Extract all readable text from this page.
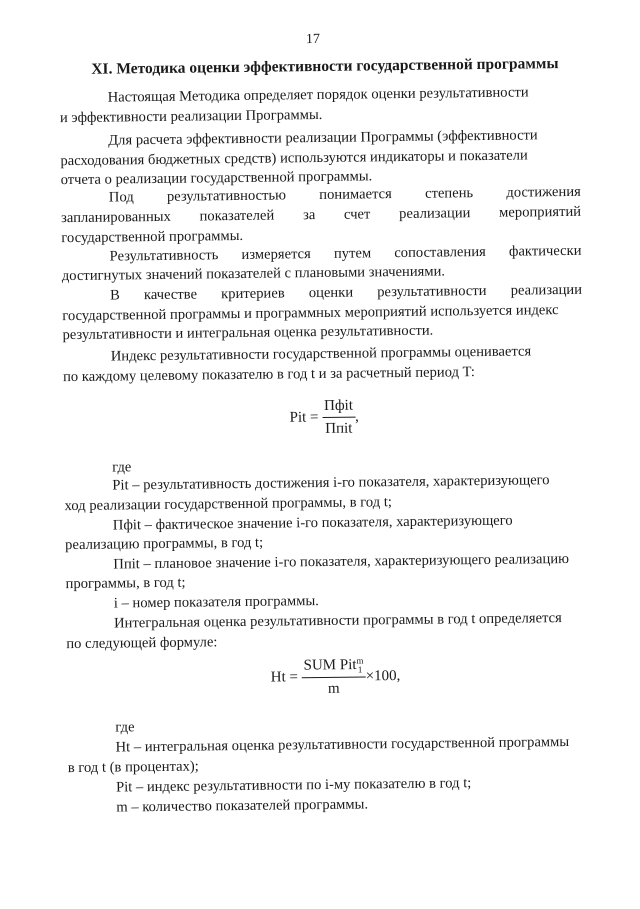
17
XI. Методика оценки эффективности государственной программы
Настоящая Методика определяет порядок оценки результативности
и эффективности реализации Программы.
Для расчета эффективности реализации Программы (эффективности
расходования бюджетных средств) используются индикаторы и показатели
отчета о реализации государственной программы.
Под результативностью понимается степень достижения
запланированных показателей за счет реализации мероприятий
государственной программы.
Результативность измеряется путем сопоставления фактически
достигнутых значений показателей с плановыми значениями.
В качестве критериев оценки результативности реализации
государственной программы и программных мероприятий используется индекс
результативности и интегральная оценка результативности.
Индекс результативности государственной программы оценивается
по каждому целевому показателю в год t и за расчетный период T:
Pit = $\frac{\text{Пфit}}{\text{Ппit}}$ ,
где
Pit – результативность достижения i-го показателя, характеризующего
ход реализации государственной программы, в год t;
Пфit – фактическое значение i-го показателя, характеризующего
реализацию программы, в год t;
Ппit – плановое значение i-го показателя, характеризующего реализацию
программы, в год t;
i – номер показателя программы.
Интегральная оценка результативности программы в год t определяется
по следующей формуле:
Ht = SUM Pit m
1
m ×100,
где
Ht – интегральная оценка результативности государственной программы
в год t (в процентах);
Pit – индекс результативности по i-му показателю в год t;
m – количество показателей программы.
